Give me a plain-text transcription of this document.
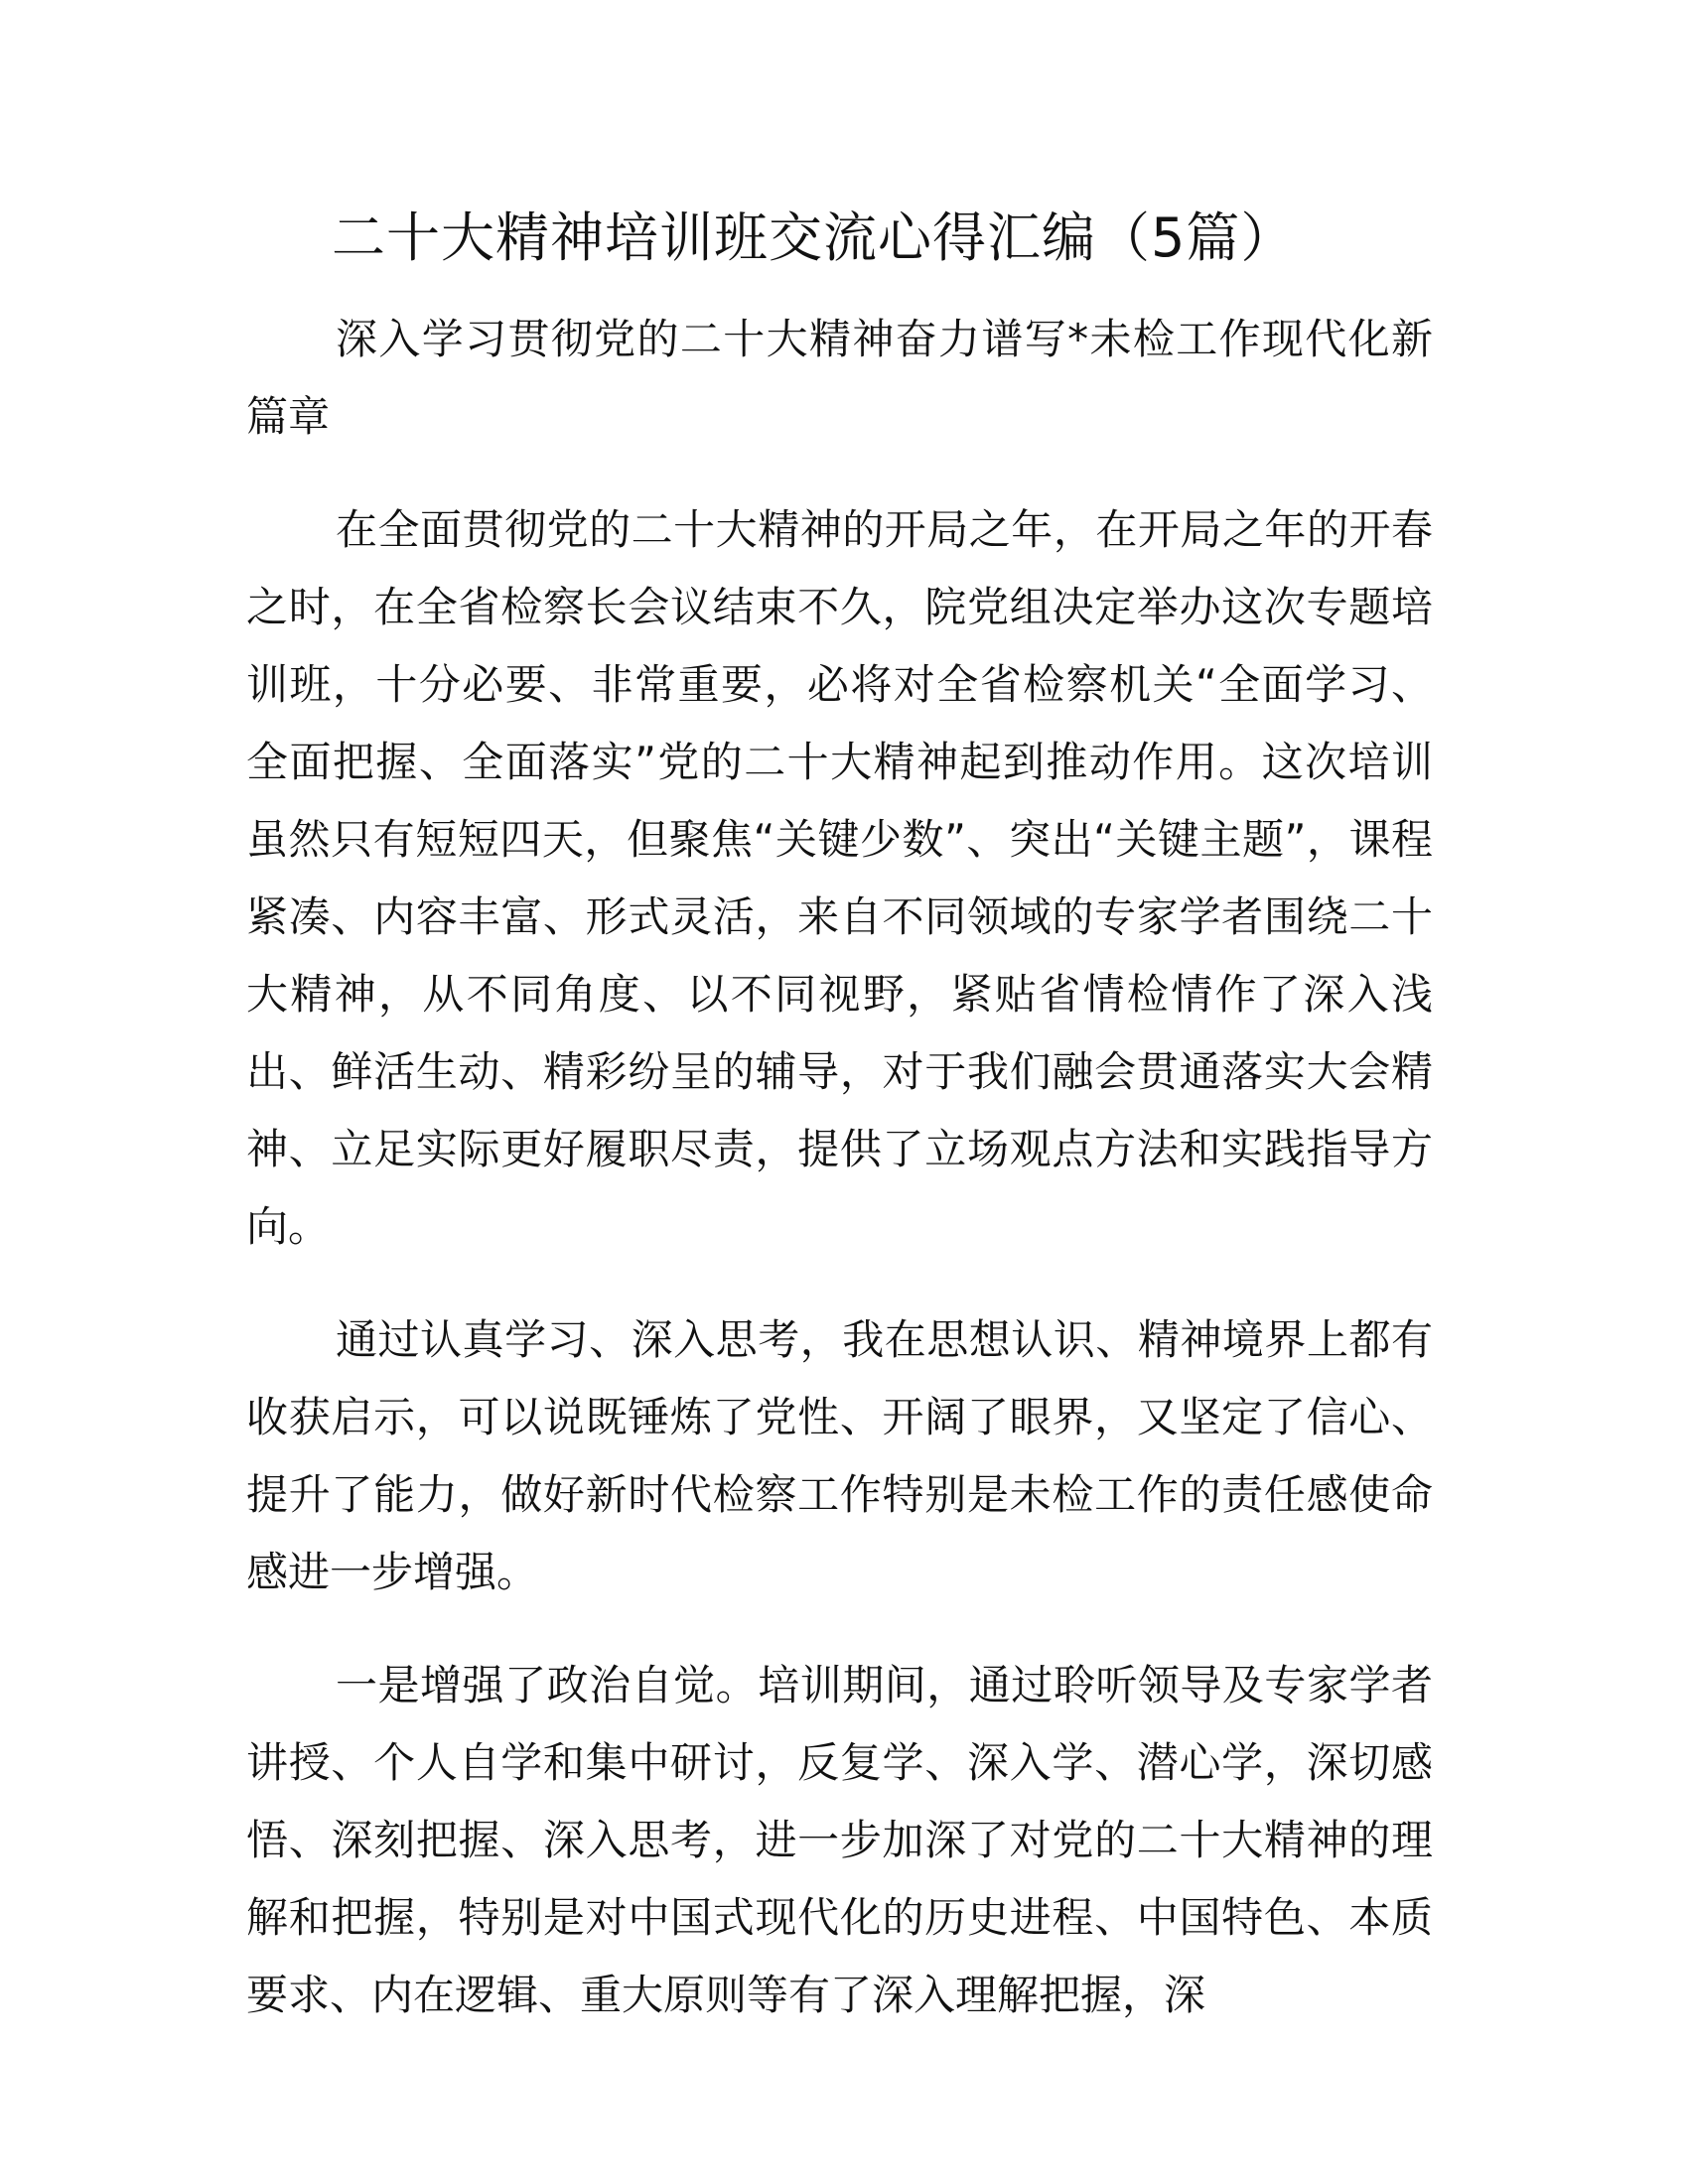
二十大精神培训班交流心得汇编（5篇）

深入学习贯彻党的二十大精神奋力谱写*未检工作现代化新篇章

在全面贯彻党的二十大精神的开局之年，在开局之年的开春之时，在全省检察长会议结束不久，院党组决定举办这次专题培训班，十分必要、非常重要，必将对全省检察机关“全面学习、全面把握、全面落实”党的二十大精神起到推动作用。这次培训虽然只有短短四天，但聚焦“关键少数”、突出“关键主题”，课程紧凑、内容丰富、形式灵活，来自不同领域的专家学者围绕二十大精神，从不同角度、以不同视野，紧贴省情检情作了深入浅出、鲜活生动、精彩纷呈的辅导，对于我们融会贯通落实大会精神、立足实际更好履职尽责，提供了立场观点方法和实践指导方向。

通过认真学习、深入思考，我在思想认识、精神境界上都有收获启示，可以说既锤炼了党性、开阔了眼界，又坚定了信心、提升了能力，做好新时代检察工作特别是未检工作的责任感使命感进一步增强。

一是增强了政治自觉。培训期间，通过聆听领导及专家学者讲授、个人自学和集中研讨，反复学、深入学、潜心学，深切感悟、深刻把握、深入思考，进一步加深了对党的二十大精神的理解和把握，特别是对中国式现代化的历史进程、中国特色、本质要求、内在逻辑、重大原则等有了深入理解把握，深
